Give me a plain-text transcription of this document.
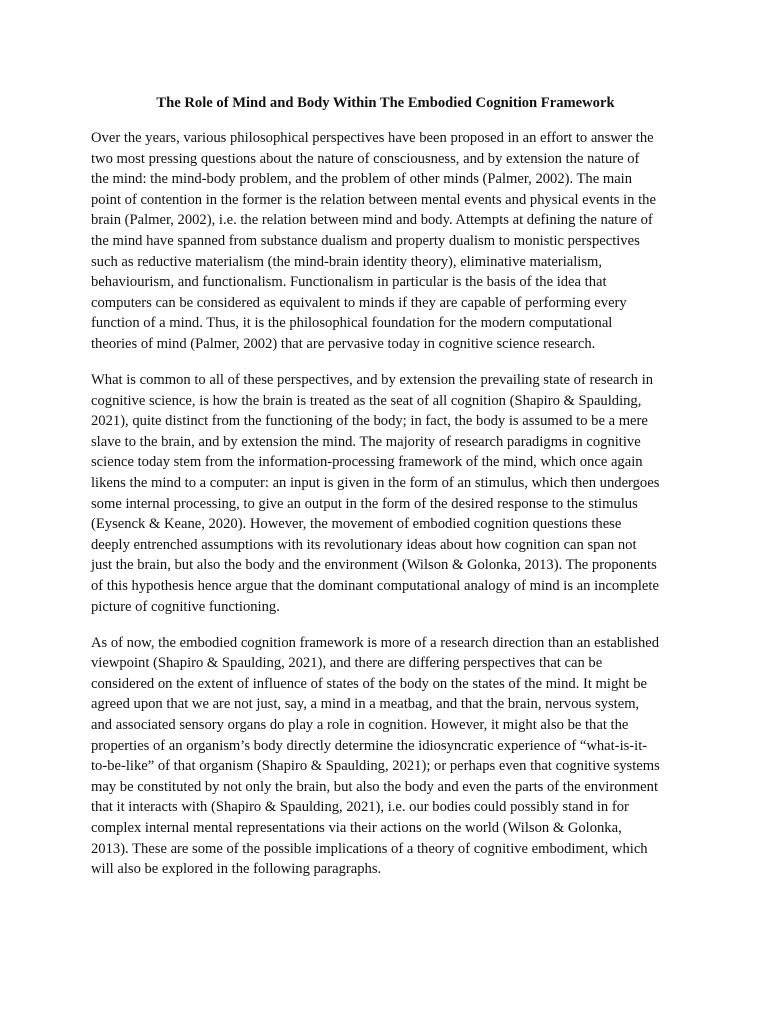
The Role of Mind and Body Within The Embodied Cognition Framework
Over the years, various philosophical perspectives have been proposed in an effort to answer the
two most pressing questions about the nature of consciousness, and by extension the nature of
the mind: the mind-body problem, and the problem of other minds (Palmer, 2002). The main
point of contention in the former is the relation between mental events and physical events in the
brain (Palmer, 2002), i.e. the relation between mind and body. Attempts at defining the nature of
the mind have spanned from substance dualism and property dualism to monistic perspectives
such as reductive materialism (the mind-brain identity theory), eliminative materialism,
behaviourism, and functionalism. Functionalism in particular is the basis of the idea that
computers can be considered as equivalent to minds if they are capable of performing every
function of a mind. Thus, it is the philosophical foundation for the modern computational
theories of mind (Palmer, 2002) that are pervasive today in cognitive science research.
What is common to all of these perspectives, and by extension the prevailing state of research in
cognitive science, is how the brain is treated as the seat of all cognition (Shapiro & Spaulding,
2021), quite distinct from the functioning of the body; in fact, the body is assumed to be a mere
slave to the brain, and by extension the mind. The majority of research paradigms in cognitive
science today stem from the information-processing framework of the mind, which once again
likens the mind to a computer: an input is given in the form of an stimulus, which then undergoes
some internal processing, to give an output in the form of the desired response to the stimulus
(Eysenck & Keane, 2020). However, the movement of embodied cognition questions these
deeply entrenched assumptions with its revolutionary ideas about how cognition can span not
just the brain, but also the body and the environment (Wilson & Golonka, 2013). The proponents
of this hypothesis hence argue that the dominant computational analogy of mind is an incomplete
picture of cognitive functioning.
As of now, the embodied cognition framework is more of a research direction than an established
viewpoint (Shapiro & Spaulding, 2021), and there are differing perspectives that can be
considered on the extent of influence of states of the body on the states of the mind. It might be
agreed upon that we are not just, say, a mind in a meatbag, and that the brain, nervous system,
and associated sensory organs do play a role in cognition. However, it might also be that the
properties of an organism’s body directly determine the idiosyncratic experience of “what-is-it-
to-be-like” of that organism (Shapiro & Spaulding, 2021); or perhaps even that cognitive systems
may be constituted by not only the brain, but also the body and even the parts of the environment
that it interacts with (Shapiro & Spaulding, 2021), i.e. our bodies could possibly stand in for
complex internal mental representations via their actions on the world (Wilson & Golonka,
2013). These are some of the possible implications of a theory of cognitive embodiment, which
will also be explored in the following paragraphs.
